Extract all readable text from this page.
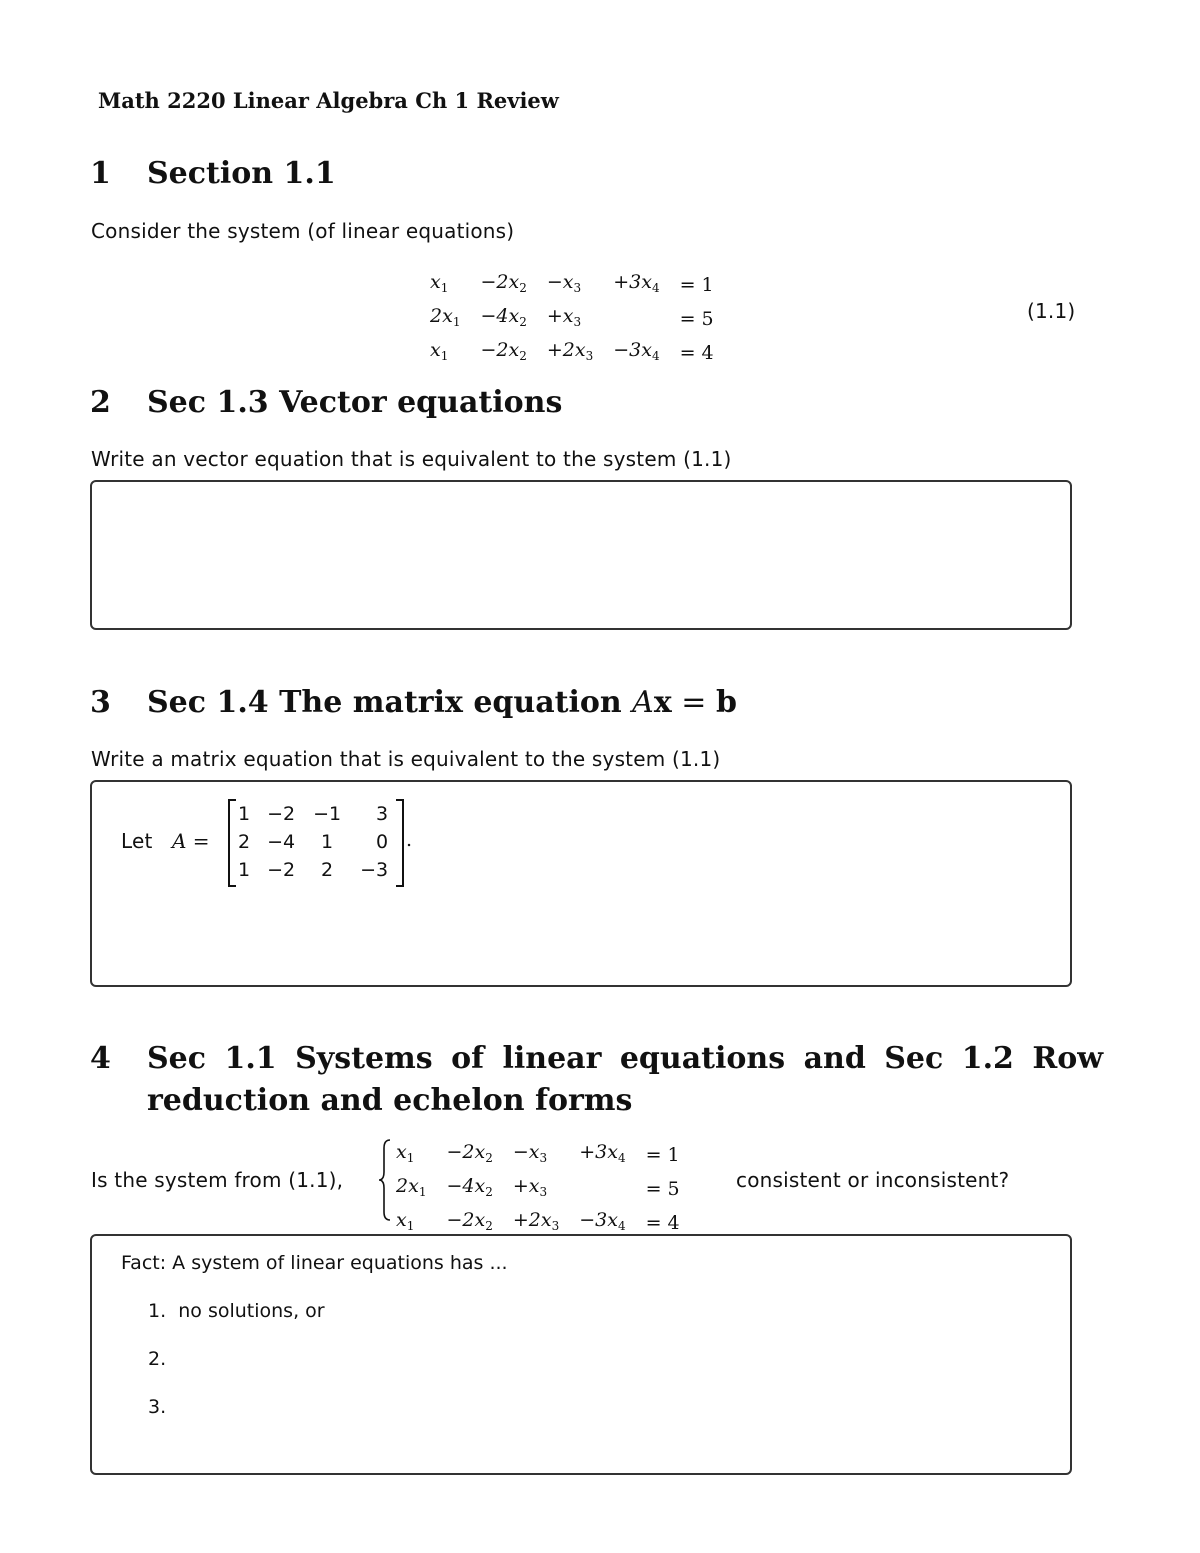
Math 2220 Linear Algebra Ch 1 Review
1	Section 1.1
Consider the system (of linear equations)
$x_1$	$-2x_2$	$-x_3$	$+3x_4$	= 1
$2x_1$	$-4x_2$	$+x_3$		= 5
$x_1$	$-2x_2$	$+2x_3$	$-3x_4$	= 4
(1.1)
2	Sec 1.3 Vector equations
Write an vector equation that is equivalent to the system (1.1)
3	Sec 1.4 The matrix equation Ax = b
Write a matrix equation that is equivalent to the system (1.1)
Let A =
1	−2	−1	3
2	−4	1	0
1	−2	2	−3
.
4	Sec 1.1 Systems of linear equations and Sec 1.2 Row
reduction and echelon forms
Is the system from (1.1),
$x_1$	$-2x_2$	$-x_3$	$+3x_4$	= 1
$2x_1$	$-4x_2$	$+x_3$		= 5
$x_1$	$-2x_2$	$+2x_3$	$-3x_4$	= 4
consistent or inconsistent?
Fact: A system of linear equations has ...
1. no solutions, or
2.
3.
